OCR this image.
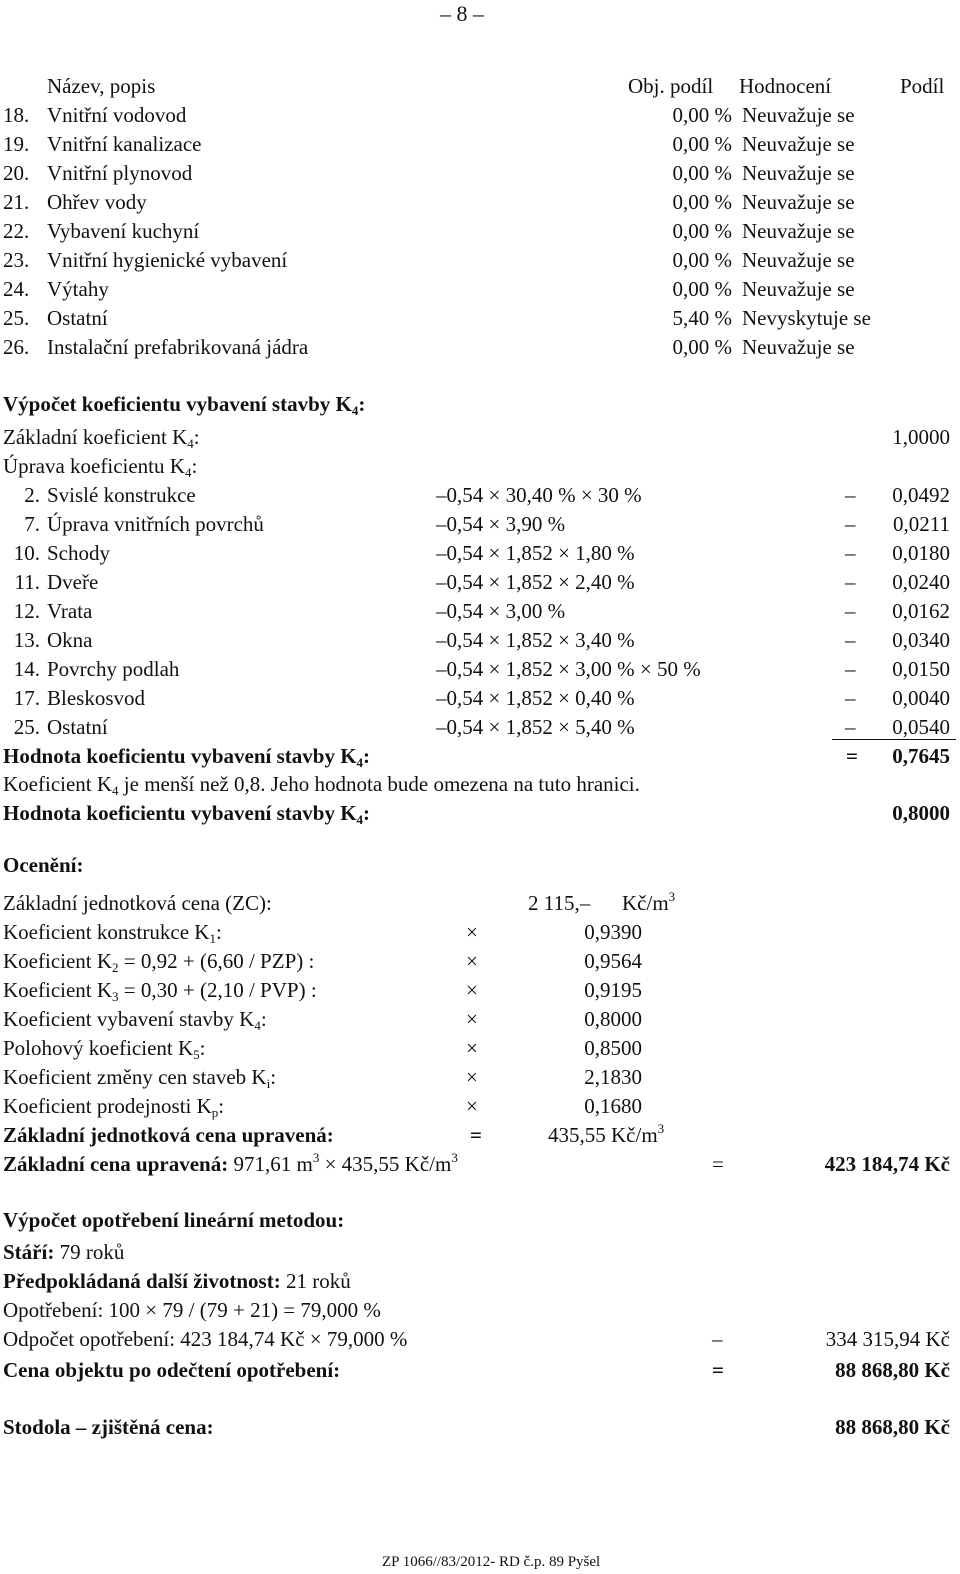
– 8 –
Název, popis	Obj. podíl Hodnocení	Podíl
18. Vnitřní vodovod	0,00 % Neuvažuje se
19. Vnitřní kanalizace	0,00 % Neuvažuje se
20. Vnitřní plynovod	0,00 % Neuvažuje se
21. Ohřev vody	0,00 % Neuvažuje se
22. Vybavení kuchyní	0,00 % Neuvažuje se
23. Vnitřní hygienické vybavení	0,00 % Neuvažuje se
24. Výtahy	0,00 % Neuvažuje se
25. Ostatní	5,40 % Nevyskytuje se
26. Instalační prefabrikovaná jádra	0,00 % Neuvažuje se
Výpočet koeficientu vybavení stavby $K_4$:
Základní koeficient $K_4$:	1,0000
Úprava koeficientu $K_4$:
2. Svislé konstrukce	–0,54 × 30,40 % × 30 %	–	0,0492
7. Úprava vnitřních povrchů	–0,54 × 3,90 %	–	0,0211
10. Schody	–0,54 × 1,852 × 1,80 %	–	0,0180
11. Dveře	–0,54 × 1,852 × 2,40 %	–	0,0240
12. Vrata	–0,54 × 3,00 %	–	0,0162
13. Okna	–0,54 × 1,852 × 3,40 %	–	0,0340
14. Povrchy podlah	–0,54 × 1,852 × 3,00 % × 50 %	–	0,0150
17. Bleskosvod	–0,54 × 1,852 × 0,40 %	–	0,0040
25. Ostatní	–0,54 × 1,852 × 5,40 %	–	0,0540
Hodnota koeficientu vybavení stavby $K_4$:	=	0,7645
Koeficient $K_4$ je menší než 0,8. Jeho hodnota bude omezena na tuto hranici.
Hodnota koeficientu vybavení stavby $K_4$:	0,8000
Ocenění:
Základní jednotková cena (ZC):	2 115,– $Kč/m^3$
Koeficient konstrukce $K_1$:	×	0,9390
Koeficient $K_2 = 0,92 + (6,60 / PZP)$ :	×	0,9564
Koeficient $K_3 = 0,30 + (2,10 / PVP)$ :	×	0,9195
Koeficient vybavení stavby $K_4$:	×	0,8000
Polohový koeficient $K_5$:	×	0,8500
Koeficient změny cen staveb $K_i$:	×	2,1830
Koeficient prodejnosti $K_p$:	×	0,1680
Základní jednotková cena upravená:	=	435,55 $Kč/m^3$
Základní cena upravená: 971,61 $m^3 \times 435,55$ $Kč/m^3$	=	423 184,74 Kč
Výpočet opotřebení lineární metodou:
Stáří: 79 roků
Předpokládaná další životnost: 21 roků
Opotřebení: 100 × 79 / (79 + 21) = 79,000 %
Odpočet opotřebení: 423 184,74 Kč × 79,000 %	–	334 315,94 Kč
Cena objektu po odečtení opotřebení:	=	88 868,80 Kč
Stodola – zjištěná cena:	88 868,80 Kč
ZP 1066//83/2012- RD č.p. 89 Pyšel
